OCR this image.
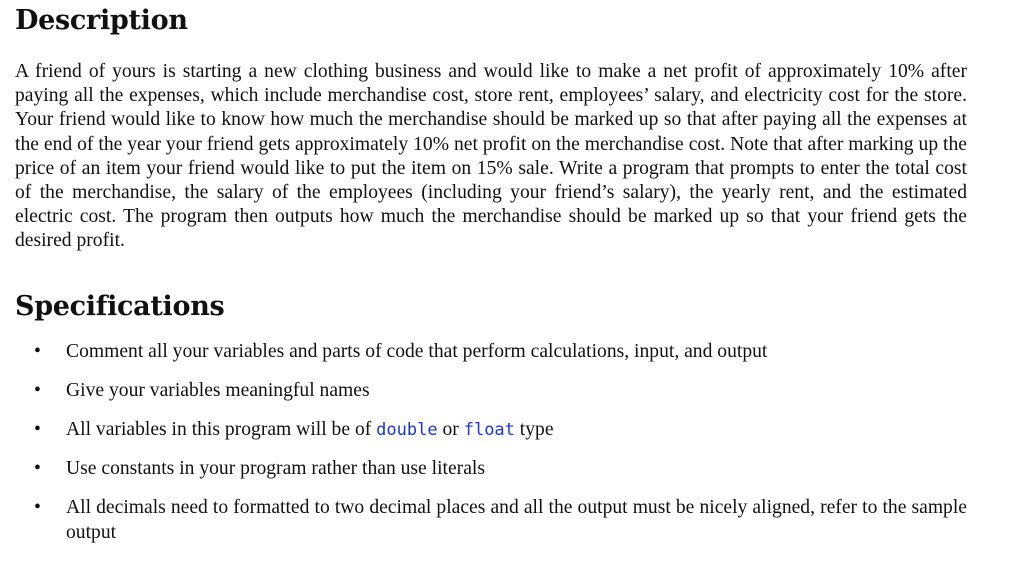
Description

A friend of yours is starting a new clothing business and would like to make a net profit of approximately 10% after paying all the expenses, which include merchandise cost, store rent, employees’ salary, and electricity cost for the store. Your friend would like to know how much the merchandise should be marked up so that after paying all the expenses at the end of the year your friend gets approximately 10% net profit on the merchandise cost. Note that after marking up the price of an item your friend would like to put the item on 15% sale. Write a program that prompts to enter the total cost of the merchandise, the salary of the employees (including your friend’s salary), the yearly rent, and the estimated electric cost. The program then outputs how much the merchandise should be marked up so that your friend gets the desired profit.

Specifications
•	Comment all your variables and parts of code that perform calculations, input, and output
•	Give your variables meaningful names
•	All variables in this program will be of double or float type
•	Use constants in your program rather than use literals
•	All decimals need to formatted to two decimal places and all the output must be nicely aligned, refer to the sample output
